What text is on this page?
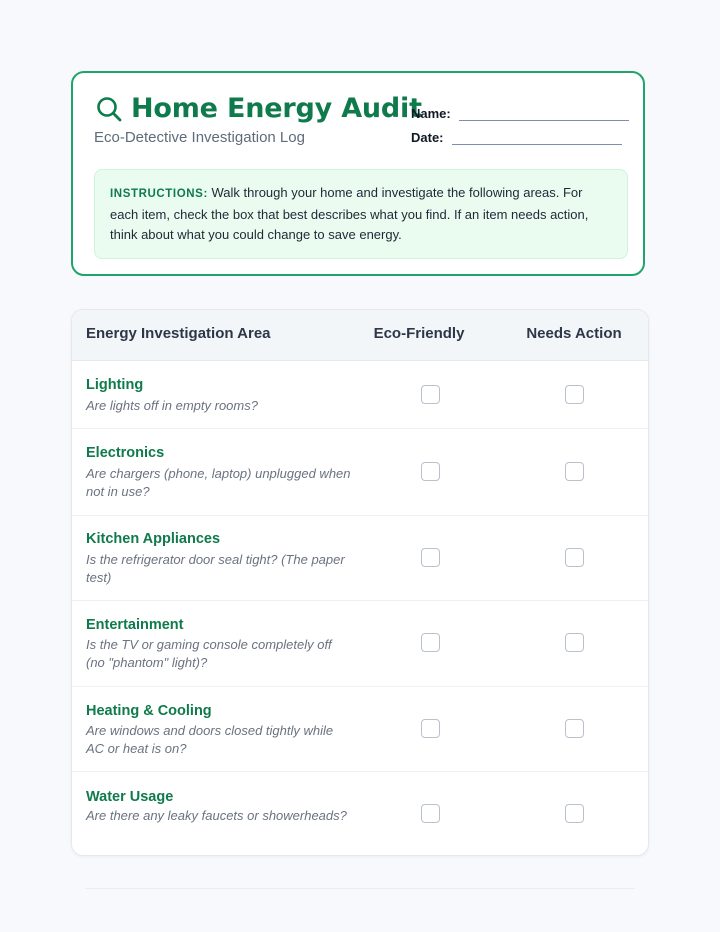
Home Energy Audit
Eco-Detective Investigation Log
Name:
Date:
INSTRUCTIONS: Walk through your home and investigate the following areas. For each item, check the box that best describes what you find. If an item needs action, think about what you could change to save energy.
Energy Investigation Area	Eco-Friendly	Needs Action
Lighting
Are lights off in empty rooms?
Electronics
Are chargers (phone, laptop) unplugged when not in use?
Kitchen Appliances
Is the refrigerator door seal tight? (The paper test)
Entertainment
Is the TV or gaming console completely off (no "phantom" light)?
Heating & Cooling
Are windows and doors closed tightly while AC or heat is on?
Water Usage
Are there any leaky faucets or showerheads?
